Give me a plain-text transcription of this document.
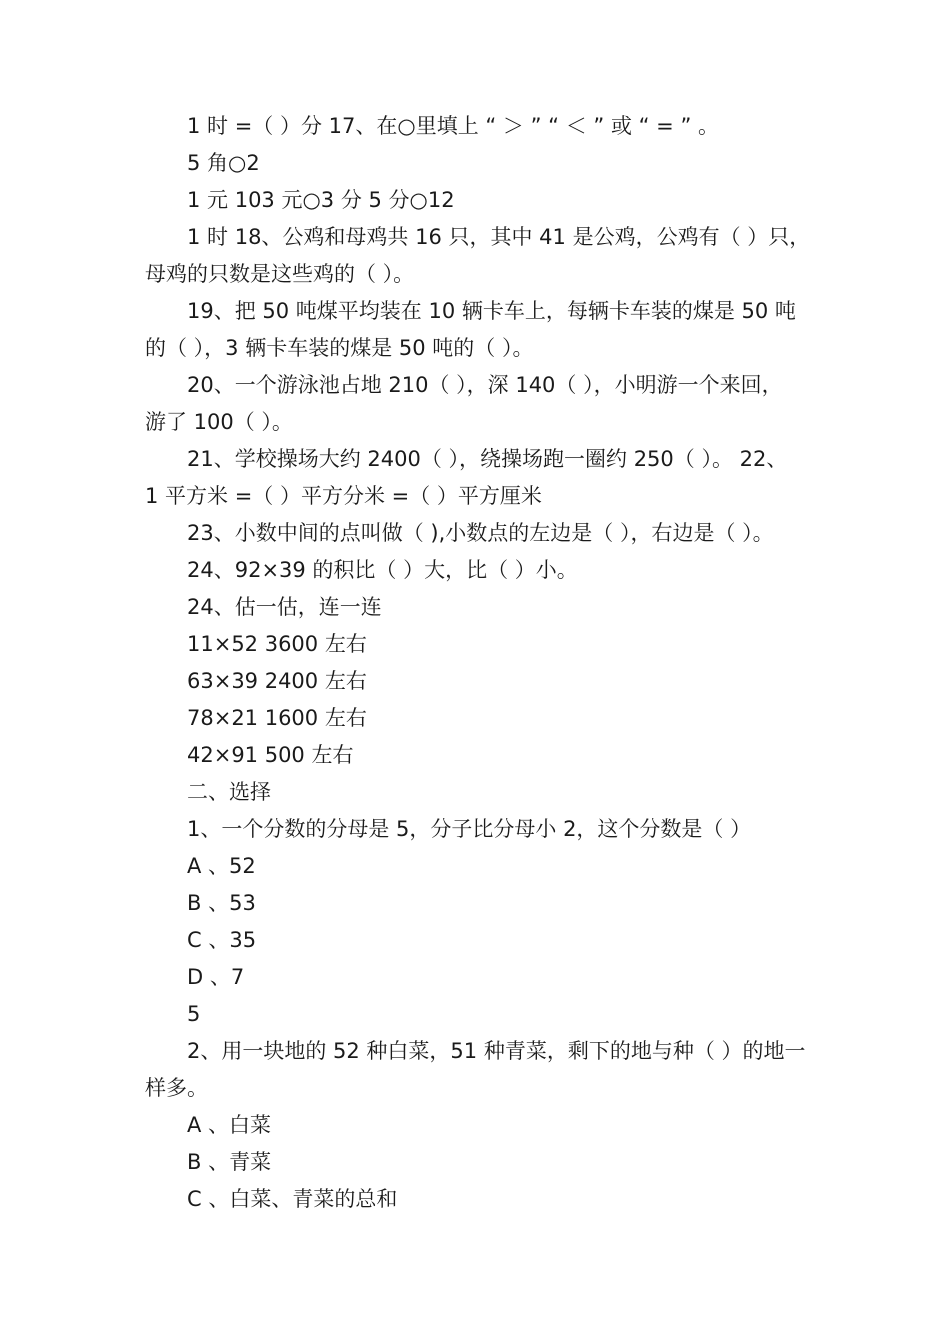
1 时 =（ ）分 17、在○里填上 “ ＞ ” “ ＜ ” 或 “ = ” 。
5 角○2
1 元 103 元○3 分 5 分○12
1 时 18、公鸡和母鸡共 16 只，其中 41 是公鸡，公鸡有（ ）只，
母鸡的只数是这些鸡的（ ）。
19、把 50 吨煤平均装在 10 辆卡车上，每辆卡车装的煤是 50 吨
的（ ），3 辆卡车装的煤是 50 吨的（ ）。
20、一个游泳池占地 210（ ），深 140（ ），小明游一个来回，
游了 100（ ）。
21、学校操场大约 2400（ ），绕操场跑一圈约 250（ ）。 22、
1 平方米 =（ ）平方分米 =（ ）平方厘米
23、小数中间的点叫做（ ),小数点的左边是（ ），右边是（ ）。
24、92×39 的积比（ ）大，比（ ）小。
24、估一估，连一连
11×52 3600 左右
63×39 2400 左右
78×21 1600 左右
42×91 500 左右
二、选择
1、一个分数的分母是 5，分子比分母小 2，这个分数是（ ）
A 、52
B 、53
C 、35
D 、7
5
2、用一块地的 52 种白菜，51 种青菜，剩下的地与种（ ）的地一
样多。
A 、白菜
B 、青菜
C 、白菜、青菜的总和
